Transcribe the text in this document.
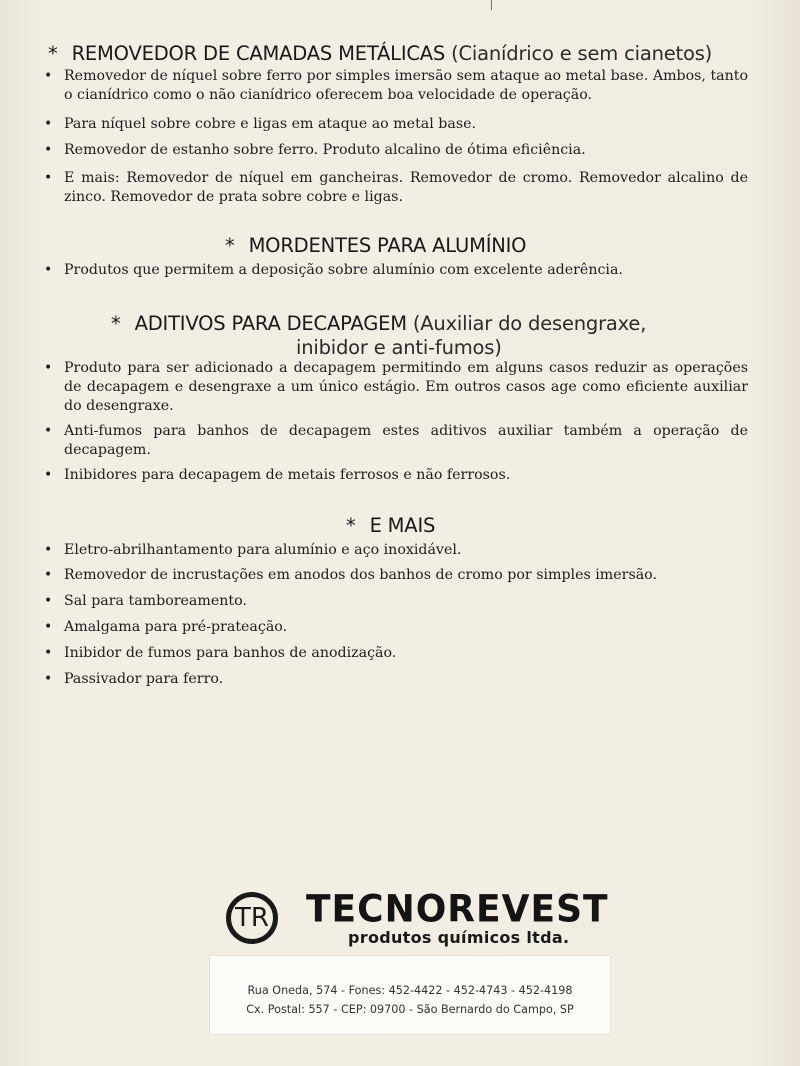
* REMOVEDOR DE CAMADAS METÁLICAS (Cianídrico e sem cianetos)
• Removedor de níquel sobre ferro por simples imersão sem ataque ao metal base. Ambos, tanto o cianídrico como o não cianídrico oferecem boa velocidade de operação.
• Para níquel sobre cobre e ligas em ataque ao metal base.
• Removedor de estanho sobre ferro. Produto alcalino de ótima eficiência.
• E mais: Removedor de níquel em gancheiras. Removedor de cromo. Removedor alcalino de zinco. Removedor de prata sobre cobre e ligas.
* MORDENTES PARA ALUMÍNIO
• Produtos que permitem a deposição sobre alumínio com excelente aderência.
* ADITIVOS PARA DECAPAGEM (Auxiliar do desengraxe,
inibidor e anti-fumos)
• Produto para ser adicionado a decapagem permitindo em alguns casos reduzir as operações de decapagem e desengraxe a um único estágio. Em outros casos age como eficiente auxiliar do desengraxe.
• Anti-fumos para banhos de decapagem estes aditivos auxiliar também a operação de decapagem.
• Inibidores para decapagem de metais ferrosos e não ferrosos.
* E MAIS
• Eletro-abrilhantamento para alumínio e aço inoxidável.
• Removedor de incrustações em anodos dos banhos de cromo por simples imersão.
• Sal para tamboreamento.
• Amalgama para pré-prateação.
• Inibidor de fumos para banhos de anodização.
• Passivador para ferro.
TR TECNOREVEST
produtos químicos ltda.
Rua Oneda, 574 - Fones: 452-4422 - 452-4743 - 452-4198
Cx. Postal: 557 - CEP: 09700 - São Bernardo do Campo, SP
